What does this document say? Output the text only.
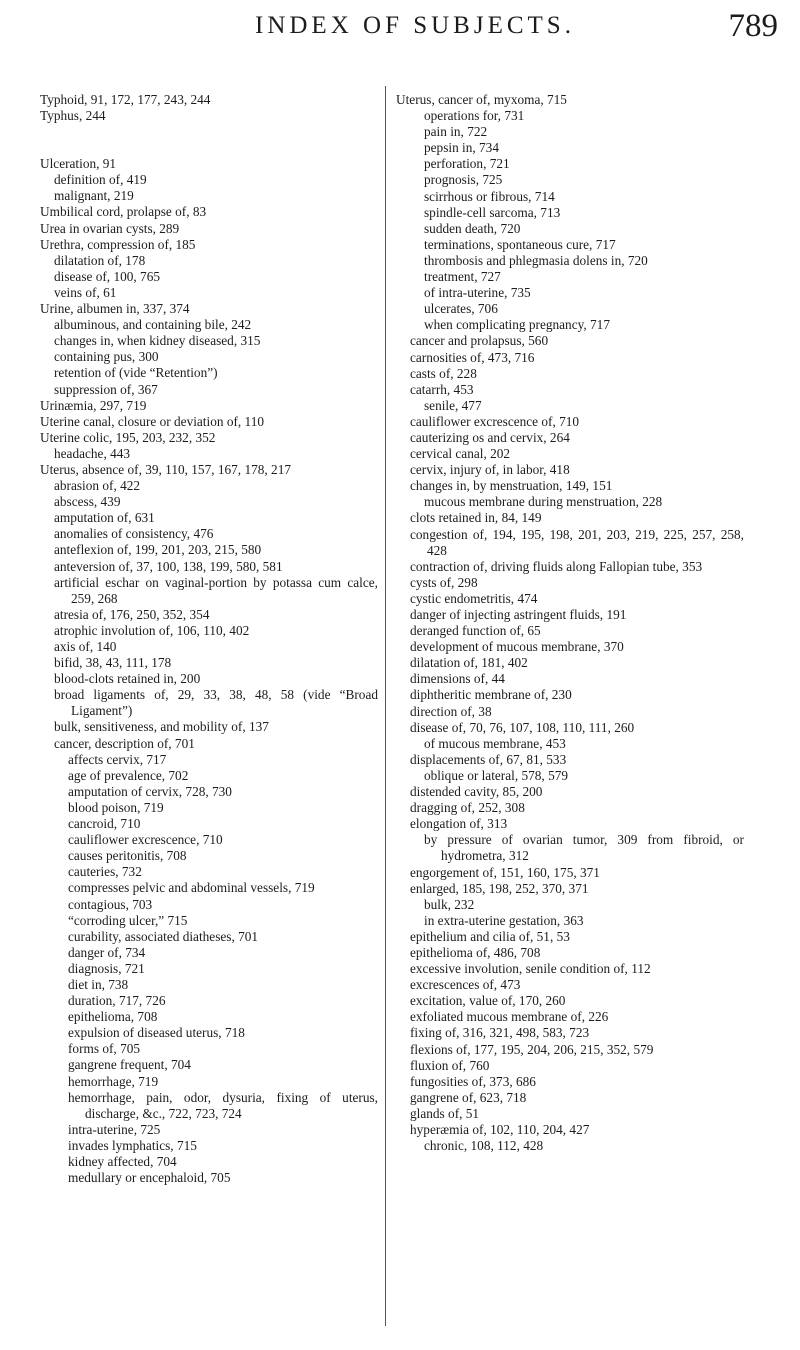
INDEX OF SUBJECTS.	789
Typhoid, 91, 172, 177, 243, 244
Typhus, 244
Ulceration, 91
definition of, 419
malignant, 219
Umbilical cord, prolapse of, 83
Urea in ovarian cysts, 289
Urethra, compression of, 185
dilatation of, 178
disease of, 100, 765
veins of, 61
Urine, albumen in, 337, 374
albuminous, and containing bile, 242
changes in, when kidney diseased, 315
containing pus, 300
retention of (vide “Retention”)
suppression of, 367
Urinæmia, 297, 719
Uterine canal, closure or deviation of, 110
Uterine colic, 195, 203, 232, 352
headache, 443
Uterus, absence of, 39, 110, 157, 167, 178, 217
abrasion of, 422
abscess, 439
amputation of, 631
anomalies of consistency, 476
anteflexion of, 199, 201, 203, 215, 580
anteversion of, 37, 100, 138, 199, 580, 581
artificial eschar on vaginal-portion by potassa cum calce, 259, 268
atresia of, 176, 250, 352, 354
atrophic involution of, 106, 110, 402
axis of, 140
bifid, 38, 43, 111, 178
blood-clots retained in, 200
broad ligaments of, 29, 33, 38, 48, 58 (vide “Broad Ligament”)
bulk, sensitiveness, and mobility of, 137
cancer, description of, 701
affects cervix, 717
age of prevalence, 702
amputation of cervix, 728, 730
blood poison, 719
cancroid, 710
cauliflower excrescence, 710
causes peritonitis, 708
cauteries, 732
compresses pelvic and abdominal vessels, 719
contagious, 703
“corroding ulcer,” 715
curability, associated diatheses, 701
danger of, 734
diagnosis, 721
diet in, 738
duration, 717, 726
epithelioma, 708
expulsion of diseased uterus, 718
forms of, 705
gangrene frequent, 704
hemorrhage, 719
hemorrhage, pain, odor, dysuria, fixing of uterus, discharge, &c., 722, 723, 724
intra-uterine, 725
invades lymphatics, 715
kidney affected, 704
medullary or encephaloid, 705
Uterus, cancer of, myxoma, 715
operations for, 731
pain in, 722
pepsin in, 734
perforation, 721
prognosis, 725
scirrhous or fibrous, 714
spindle-cell sarcoma, 713
sudden death, 720
terminations, spontaneous cure, 717
thrombosis and phlegmasia dolens in, 720
treatment, 727
of intra-uterine, 735
ulcerates, 706
when complicating pregnancy, 717
cancer and prolapsus, 560
carnosities of, 473, 716
casts of, 228
catarrh, 453
senile, 477
cauliflower excrescence of, 710
cauterizing os and cervix, 264
cervical canal, 202
cervix, injury of, in labor, 418
changes in, by menstruation, 149, 151
mucous membrane during menstruation, 228
clots retained in, 84, 149
congestion of, 194, 195, 198, 201, 203, 219, 225, 257, 258, 428
contraction of, driving fluids along Fallopian tube, 353
cysts of, 298
cystic endometritis, 474
danger of injecting astringent fluids, 191
deranged function of, 65
development of mucous membrane, 370
dilatation of, 181, 402
dimensions of, 44
diphtheritic membrane of, 230
direction of, 38
disease of, 70, 76, 107, 108, 110, 111, 260
of mucous membrane, 453
displacements of, 67, 81, 533
oblique or lateral, 578, 579
distended cavity, 85, 200
dragging of, 252, 308
elongation of, 313
by pressure of ovarian tumor, 309 from fibroid, or hydrometra, 312
engorgement of, 151, 160, 175, 371
enlarged, 185, 198, 252, 370, 371
bulk, 232
in extra-uterine gestation, 363
epithelium and cilia of, 51, 53
epithelioma of, 486, 708
excessive involution, senile condition of, 112
excrescences of, 473
excitation, value of, 170, 260
exfoliated mucous membrane of, 226
fixing of, 316, 321, 498, 583, 723
flexions of, 177, 195, 204, 206, 215, 352, 579
fluxion of, 760
fungosities of, 373, 686
gangrene of, 623, 718
glands of, 51
hyperæmia of, 102, 110, 204, 427
chronic, 108, 112, 428
